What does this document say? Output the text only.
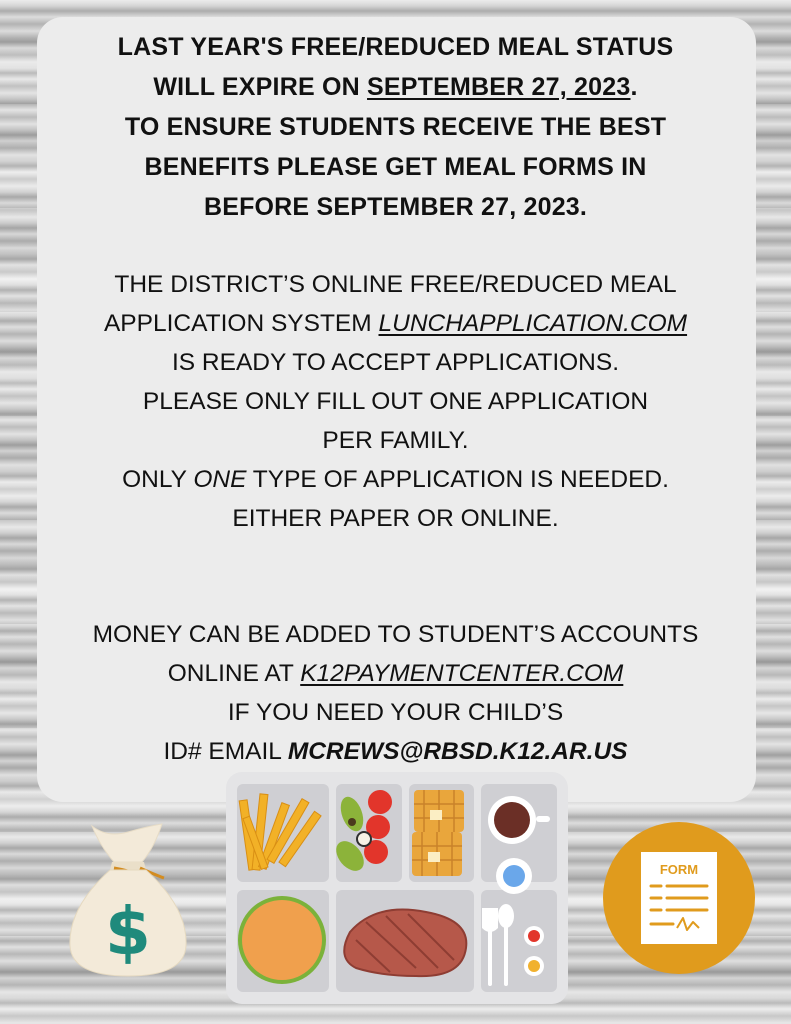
LAST YEAR'S FREE/REDUCED MEAL STATUS
WILL EXPIRE ON SEPTEMBER 27, 2023.
TO ENSURE STUDENTS RECEIVE THE BEST
BENEFITS PLEASE GET MEAL FORMS IN
BEFORE SEPTEMBER 27, 2023.
THE DISTRICT’S ONLINE FREE/REDUCED MEAL
APPLICATION SYSTEM LUNCHAPPLICATION.COM
IS READY TO ACCEPT APPLICATIONS.
PLEASE ONLY FILL OUT ONE APPLICATION
PER FAMILY.
ONLY ONE TYPE OF APPLICATION IS NEEDED.
EITHER PAPER OR ONLINE.
MONEY CAN BE ADDED TO STUDENT’S ACCOUNTS
ONLINE AT K12PAYMENTCENTER.COM
IF YOU NEED YOUR CHILD’S
ID# EMAIL MCREWS@RBSD.K12.AR.US
$
FORM
